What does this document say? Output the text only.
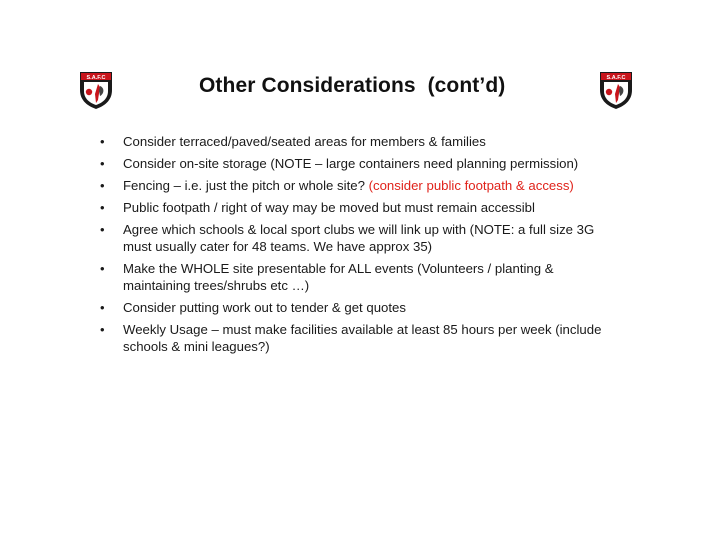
S.A.F.C	S.A.F.C
Other Considerations  (cont’d)
• Consider terraced/paved/seated areas for members & families
• Consider on-site storage (NOTE – large containers need planning permission)
• Fencing – i.e. just the pitch or whole site? (consider public footpath & access)
• Public footpath / right of way may be moved but must remain accessibl
• Agree which schools & local sport clubs we will link up with (NOTE: a full size 3G must usually cater for 48 teams. We have approx 35)
• Make the WHOLE site presentable for ALL events (Volunteers / planting & maintaining trees/shrubs etc …)
• Consider putting work out to tender & get quotes
• Weekly Usage – must make facilities available at least 85 hours per week (include schools & mini leagues?)
